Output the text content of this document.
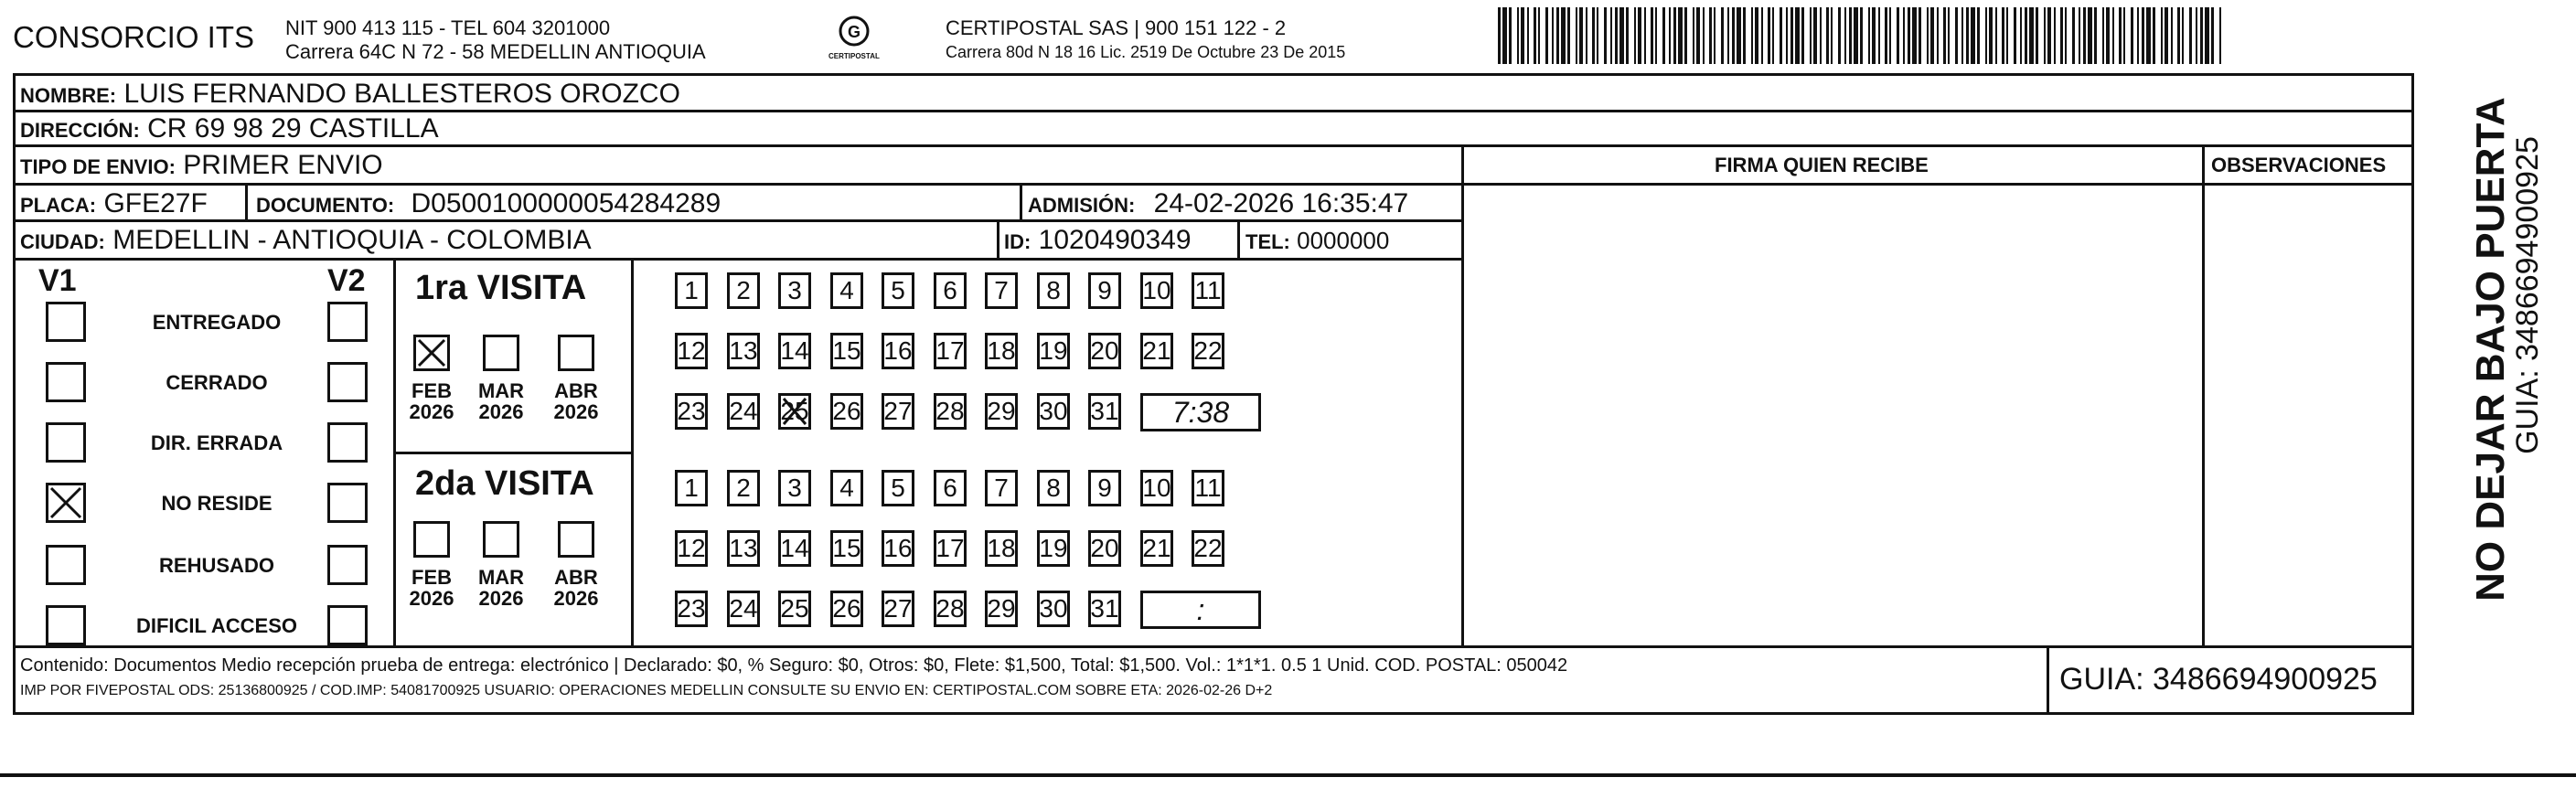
CONSORCIO ITS NIT 900 413 115 - TEL 604 3201000
Carrera 64C N 72 - 58 MEDELLIN ANTIOQUIA
G
CERTIPOSTAL
CERTIPOSTAL SAS | 900 151 122 - 2
Carrera 80d N 18 16 Lic. 2519 De Octubre 23 De 2015
NOMBRE: LUIS FERNANDO BALLESTEROS OROZCO
DIRECCIÓN: CR 69 98 29 CASTILLA
TIPO DE ENVIO: PRIMER ENVIO	FIRMA QUIEN RECIBE	OBSERVACIONES
PLACA: GFE27F DOCUMENTO: D0500100000054284289	ADMISIÓN: 24-02-2026 16:35:47
CIUDAD: MEDELLIN - ANTIOQUIA - COLOMBIA	ID: 1020490349	TEL: 0000000
V1	V2
ENTREGADO
CERRADO
DIR. ERRADA
NO RESIDE
REHUSADO
DIFICIL ACCESO
1ra VISITA
FEB
2026
MAR
2026
ABR
2026
1	2	3	4	5	6	7	8	9	10 11
12 13 14 15 16 17 18 19 20 21 22
23 24 25 26 27 28 29 30 31	7:38
2da VISITA
FEB
2026
MAR
2026
ABR
2026
1	2	3	4	5	6	7	8	9	10 11
12 13 14 15 16 17 18 19 20 21 22
23 24 25 26 27 28 29 30 31	:
Contenido: Documentos Medio recepción prueba de entrega: electrónico | Declarado: $0, % Seguro: $0, Otros: $0, Flete: $1,500, Total: $1,500. Vol.: 1*1*1. 0.5 1 Unid. COD. POSTAL: 050042
IMP POR FIVEPOSTAL ODS: 25136800925 / COD.IMP: 54081700925 USUARIO: OPERACIONES MEDELLIN CONSULTE SU ENVIO EN: CERTIPOSTAL.COM SOBRE ETA: 2026-02-26 D+2	GUIA: 3486694900925
NO DEJAR BAJO PUERTA
GUIA: 3486694900925
